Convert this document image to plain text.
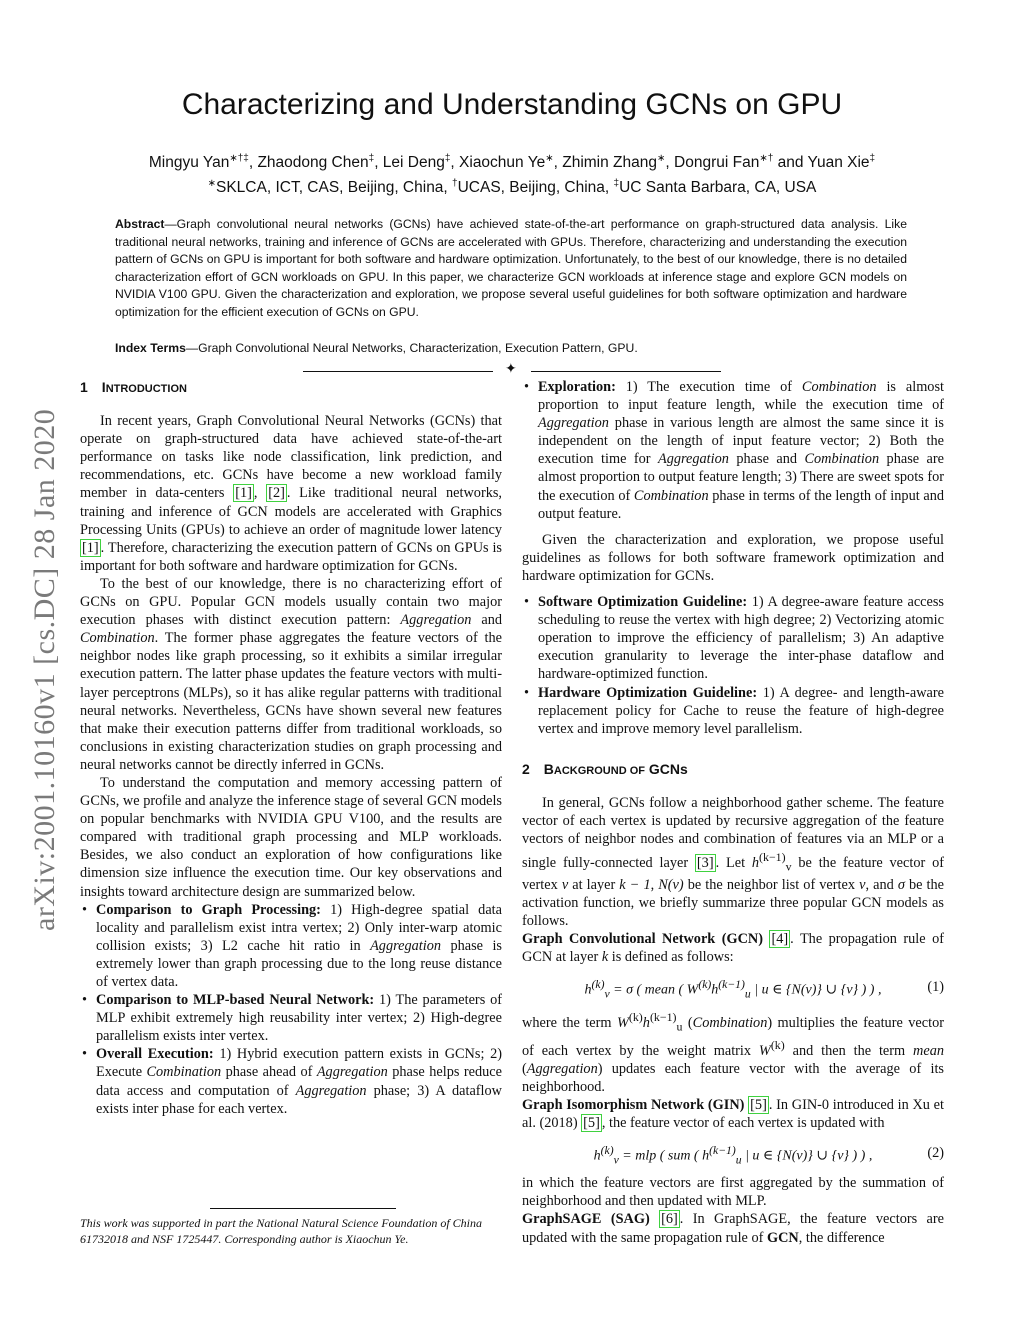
arXiv:2001.10160v1 [cs.DC] 28 Jan 2020
Characterizing and Understanding GCNs on GPU
Mingyu Yan∗†‡, Zhaodong Chen‡, Lei Deng‡, Xiaochun Ye∗, Zhimin Zhang∗, Dongrui Fan∗† and Yuan Xie‡
∗SKLCA, ICT, CAS, Beijing, China, †UCAS, Beijing, China, ‡UC Santa Barbara, CA, USA
Abstract—Graph convolutional neural networks (GCNs) have achieved state-of-the-art performance on graph-structured data analysis. Like traditional neural networks, training and inference of GCNs are accelerated with GPUs. Therefore, characterizing and understanding the execution pattern of GCNs on GPU is important for both software and hardware optimization. Unfortunately, to the best of our knowledge, there is no detailed characterization effort of GCN workloads on GPU. In this paper, we characterize GCN workloads at inference stage and explore GCN models on NVIDIA V100 GPU. Given the characterization and exploration, we propose several useful guidelines for both software optimization and hardware optimization for the efficient execution of GCNs on GPU.
Index Terms—Graph Convolutional Neural Networks, Characterization, Execution Pattern, GPU.
✦
1 INTRODUCTION

In recent years, Graph Convolutional Neural Networks (GCNs) that operate on graph-structured data have achieved state-of-the-art performance on tasks like node classification, link prediction, and recommendations, etc. GCNs have become a new workload family member in data-centers [1] , [2] . Like traditional neural networks, training and inference of GCN models are accelerated with Graphics Processing Units (GPUs) to achieve an order of magnitude lower latency [1] . Therefore, characterizing the execution pattern of GCNs on GPUs is important for both software and hardware optimization for GCNs.

To the best of our knowledge, there is no characterizing effort of GCNs on GPU. Popular GCN models usually contain two major execution phases with distinct execution pattern: Aggregation and Combination. The former phase aggregates the feature vectors of the neighbor nodes like graph processing, so it exhibits a similar irregular execution pattern. The latter phase updates the feature vectors with multi-layer perceptrons (MLPs), so it has alike regular patterns with traditional neural networks. Nevertheless, GCNs have shown several new features that make their execution patterns differ from traditional workloads, so conclusions in existing characterization studies on graph processing and neural networks cannot be directly inferred in GCNs.

To understand the computation and memory accessing pattern of GCNs, we profile and analyze the inference stage of several GCN models on popular benchmarks with NVIDIA GPU V100, and the results are compared with traditional graph processing and MLP workloads. Besides, we also conduct an exploration of how configurations like dimension size influence the execution time. Our key observations and insights toward architecture design are summarized below.

• Comparison to Graph Processing: 1) High-degree spatial data locality and parallelism exist intra vertex; 2) Only inter-warp atomic collision exists; 3) L2 cache hit ratio in Aggregation phase is extremely lower than graph processing due to the long reuse distance of vertex data.
• Comparison to MLP-based Neural Network: 1) The parameters of MLP exhibit extremely high reusability inter vertex; 2) High-degree parallelism exists inter vertex.
• Overall Execution: 1) Hybrid execution pattern exists in GCNs; 2) Execute Combination phase ahead of Aggregation phase helps reduce data access and computation of Aggregation phase; 3) A dataflow exists inter phase for each vertex.
This work was supported in part the National Natural Science Foundation of China 61732018 and NSF 1725447. Corresponding author is Xiaochun Ye.
• Exploration: 1) The execution time of Combination is almost proportion to input feature length, while the execution time of Aggregation phase in various length are almost the same since it is independent on the length of input feature vector; 2) Both the execution time for Aggregation phase and Combination phase are almost proportion to output feature length; 3) There are sweet spots for the execution of Combination phase in terms of the length of input and output feature.

Given the characterization and exploration, we propose useful guidelines as follows for both software framework optimization and hardware optimization for GCNs.

• Software Optimization Guideline: 1) A degree-aware feature access scheduling to reuse the vertex with high degree; 2) Vectorizing atomic operation to improve the efficiency of parallelism; 3) An adaptive execution granularity to leverage the inter-phase dataflow and hardware-optimized function.
• Hardware Optimization Guideline: 1) A degree- and length-aware replacement policy for Cache to reuse the feature of high-degree vertex and improve memory level parallelism.
2 BACKGROUND OF GCNs

In general, GCNs follow a neighborhood gather scheme. The feature vector of each vertex is updated by recursive aggregation of the feature vectors of neighbor nodes and combination of features via an MLP or a single fully-connected layer [3] . Let $h^{(k-1)}_v$ be the feature vector of vertex v at layer k − 1, N(v) be the neighbor list of vertex v, and σ be the activation function, we briefly summarize three popular GCN models as follows.

Graph Convolutional Network (GCN) [4] . The propagation rule of GCN at layer k is defined as follows:

$h^{(k)}_v = \sigma$ ( mean ( $W^{(k)}h^{(k-1)}_u$ | u ∈ {N(v)} ∪ {v} ) ) ,	(1)

where the term $W^{(k)}h^{(k-1)}_u$ (Combination) multiplies the feature vector of each vertex by the weight matrix $W^{(k)}$ and then the term mean (Aggregation) updates each feature vector with the average of its neighborhood.

Graph Isomorphism Network (GIN) [5] . In GIN-0 introduced in Xu et al. (2018) [5] , the feature vector of each vertex is updated with

$h^{(k)}_v$ = mlp ( sum ( $h^{(k-1)}_u$ | u ∈ {N(v)} ∪ {v} ) ) ,	(2)

in which the feature vectors are first aggregated by the summation of neighborhood and then updated with MLP.

GraphSAGE (SAG) [6] . In GraphSAGE, the feature vectors are updated with the same propagation rule of GCN, the difference
